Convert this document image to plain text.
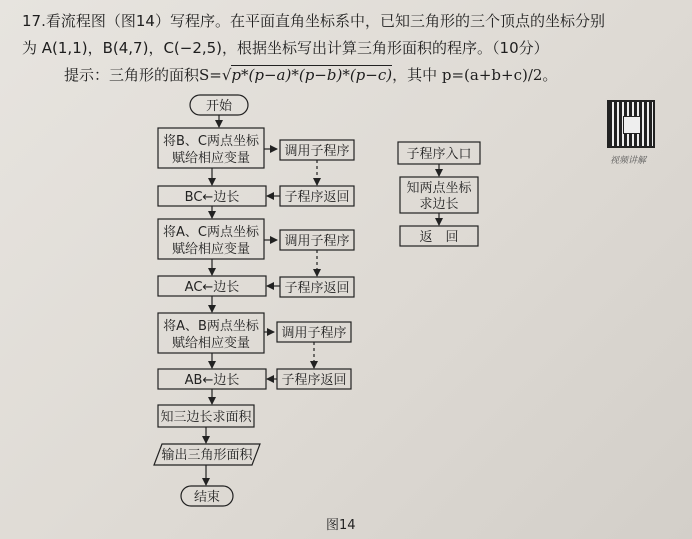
17.看流程图（图14）写程序。在平面直角坐标系中，已知三角形的三个顶点的坐标分别
为 A(1,1)，B(4,7)，C(−2,5)，根据坐标写出计算三角形面积的程序。（10分）
提示：三角形的面积S=√p*(p−a)*(p−b)*(p−c)，其中 p=(a+b+c)/2。
视频讲解
开始
将B、C两点坐标
赋给相应变量	调用子程序
BC←边长	子程序返回
将A、C两点坐标
赋给相应变量
调用子程序
AC←边长	子程序返回
将A、B两点坐标
赋给相应变量
调用子程序
AB←边长	子程序返回
知三边长求面积
输出三角形面积
结束
子程序入口
知两点坐标
求边长
返　回
图14
